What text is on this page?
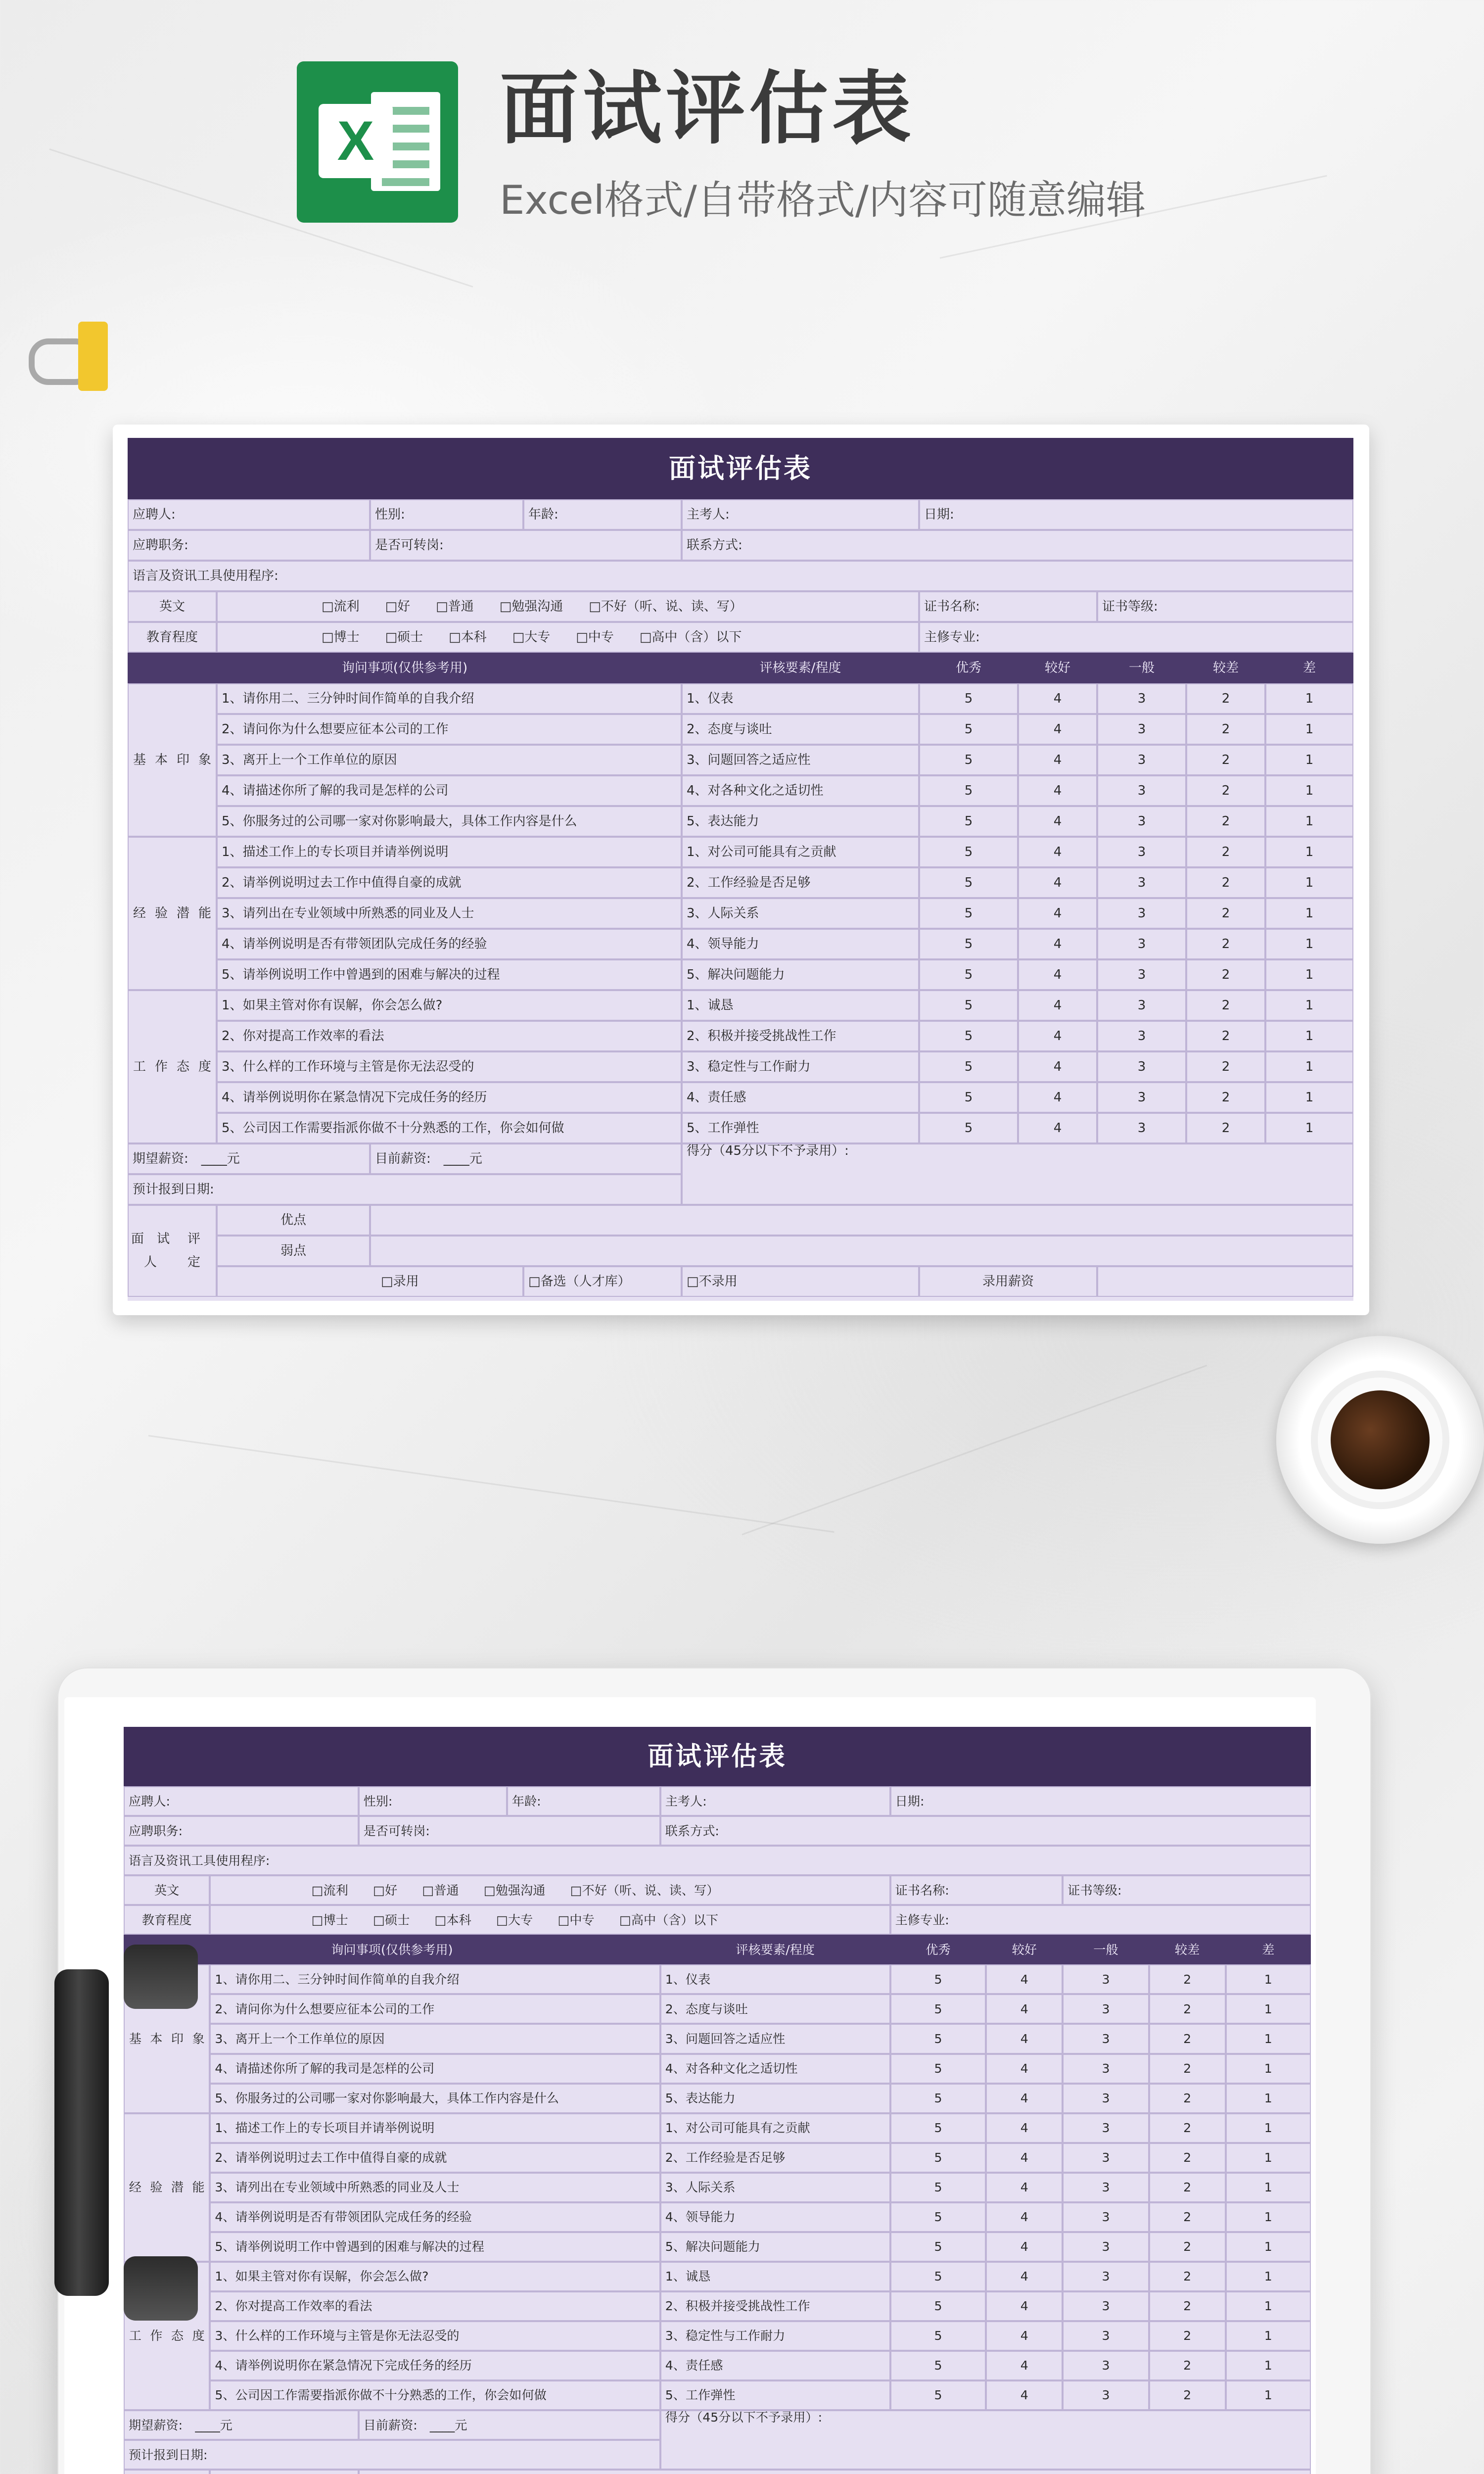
X 面试评估表
Excel格式/自带格式/内容可随意编辑
面试评估表
应聘人:	性别:	年龄:	主考人:	日期:
应聘职务:	是否可转岗:	联系方式:
语言及资讯工具使用程序:
英文	□流利　　□好　　□普通　　□勉强沟通　　□不好（听、说、读、写）	证书名称:	证书等级:
教育程度	□博士　　□硕士　　□本科　　□大专　　□中专　　□高中（含）以下	主修专业:
询问事项(仅供参考用)	评核要素/程度	优秀	较好	一般	较差	差
基 本 印 象
1、请你用二、三分钟时间作简单的自我介绍	1、仪表	5	4	3	2	1
2、请问你为什么想要应征本公司的工作	2、态度与谈吐	5	4	3	2	1
3、离开上一个工作单位的原因	3、问题回答之适应性	5	4	3	2	1
4、请描述你所了解的我司是怎样的公司	4、对各种文化之适切性	5	4	3	2	1
5、你服务过的公司哪一家对你影响最大，具体工作内容是什么	5、表达能力	5	4	3	2	1
经 验 潜 能
1、描述工作上的专长项目并请举例说明	1、对公司可能具有之贡献	5	4	3	2	1
2、请举例说明过去工作中值得自豪的成就	2、工作经验是否足够	5	4	3	2	1
3、请列出在专业领域中所熟悉的同业及人士	3、人际关系	5	4	3	2	1
4、请举例说明是否有带领团队完成任务的经验	4、领导能力	5	4	3	2	1
5、请举例说明工作中曾遇到的困难与解决的过程	5、解决问题能力	5	4	3	2	1
工 作 态 度
1、如果主管对你有误解，你会怎么做?	1、诚恳	5	4	3	2	1
2、你对提高工作效率的看法	2、积极并接受挑战性工作	5	4	3	2	1
3、什么样的工作环境与主管是你无法忍受的	3、稳定性与工作耐力	5	4	3	2	1
4、请举例说明你在紧急情况下完成任务的经历	4、责任感	5	4	3	2	1
5、公司因工作需要指派你做不十分熟悉的工作，你会如何做	5、工作弹性	5	4	3	2	1
期望薪资:　____元	目前薪资:　____元
得分（45分以下不予录用）:
预计报到日期:
面　试　人
评　　定
优点
弱点
□录用	□备选（人才库）	□不录用	录用薪资
面试评估表
应聘人:	性别:	年龄:	主考人:	日期:
应聘职务:	是否可转岗:	联系方式:
语言及资讯工具使用程序:
英文	□流利　　□好　　□普通　　□勉强沟通　　□不好（听、说、读、写）	证书名称:	证书等级:
教育程度	□博士　　□硕士　　□本科　　□大专　　□中专　　□高中（含）以下	主修专业:
询问事项(仅供参考用)	评核要素/程度	优秀	较好	一般	较差	差
基 本 印 象
1、请你用二、三分钟时间作简单的自我介绍	1、仪表	5	4	3	2	1
2、请问你为什么想要应征本公司的工作	2、态度与谈吐	5	4	3	2	1
3、离开上一个工作单位的原因	3、问题回答之适应性	5	4	3	2	1
4、请描述你所了解的我司是怎样的公司	4、对各种文化之适切性	5	4	3	2	1
5、你服务过的公司哪一家对你影响最大，具体工作内容是什么	5、表达能力	5	4	3	2	1
经 验 潜 能
1、描述工作上的专长项目并请举例说明	1、对公司可能具有之贡献	5	4	3	2	1
2、请举例说明过去工作中值得自豪的成就	2、工作经验是否足够	5	4	3	2	1
3、请列出在专业领域中所熟悉的同业及人士	3、人际关系	5	4	3	2	1
4、请举例说明是否有带领团队完成任务的经验	4、领导能力	5	4	3	2	1
5、请举例说明工作中曾遇到的困难与解决的过程	5、解决问题能力	5	4	3	2	1
工 作 态 度
1、如果主管对你有误解，你会怎么做?	1、诚恳	5	4	3	2	1
2、你对提高工作效率的看法	2、积极并接受挑战性工作	5	4	3	2	1
3、什么样的工作环境与主管是你无法忍受的	3、稳定性与工作耐力	5	4	3	2	1
4、请举例说明你在紧急情况下完成任务的经历	4、责任感	5	4	3	2	1
5、公司因工作需要指派你做不十分熟悉的工作，你会如何做	5、工作弹性	5	4	3	2	1
期望薪资:　____元	目前薪资:　____元
得分（45分以下不予录用）:
预计报到日期:
